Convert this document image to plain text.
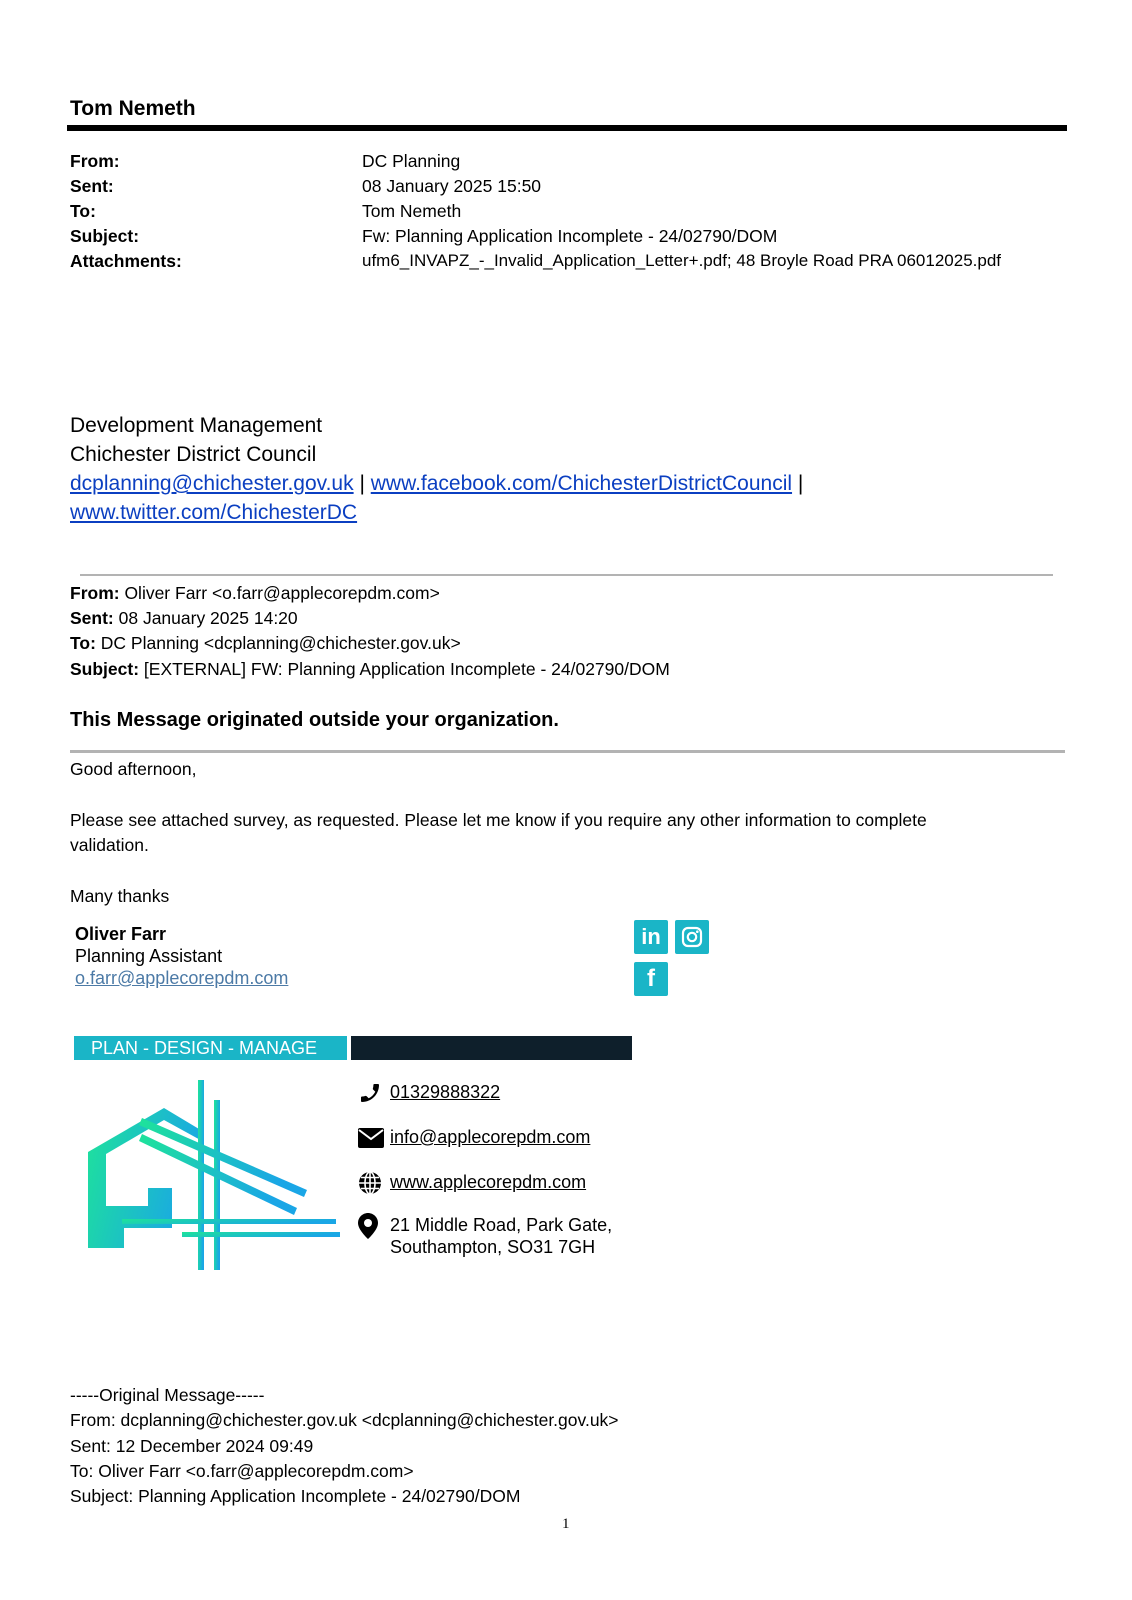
Tom Nemeth
From:	DC Planning
Sent:	08 January 2025 15:50
To:	Tom Nemeth
Subject:	Fw: Planning Application Incomplete - 24/02790/DOM
Attachments:	ufm6_INVAPZ_-_Invalid_Application_Letter+.pdf; 48 Broyle Road PRA 06012025.pdf
Development Management
Chichester District Council
dcplanning@chichester.gov.uk | www.facebook.com/ChichesterDistrictCouncil |
www.twitter.com/ChichesterDC
From: Oliver Farr <o.farr@applecorepdm.com>
Sent: 08 January 2025 14:20
To: DC Planning <dcplanning@chichester.gov.uk>
Subject: [EXTERNAL] FW: Planning Application Incomplete - 24/02790/DOM
This Message originated outside your organization.
Good afternoon,
Please see attached survey, as requested. Please let me know if you require any other information to complete
validation.
Many thanks
Oliver Farr
Planning Assistant
o.farr@applecorepdm.com
in
f
PLAN - DESIGN - MANAGE
01329888322
info@applecorepdm.com
www.applecorepdm.com
21 Middle Road, Park Gate,
Southampton, SO31 7GH
-----Original Message-----
From: dcplanning@chichester.gov.uk <dcplanning@chichester.gov.uk>
Sent: 12 December 2024 09:49
To: Oliver Farr <o.farr@applecorepdm.com>
Subject: Planning Application Incomplete - 24/02790/DOM
1
